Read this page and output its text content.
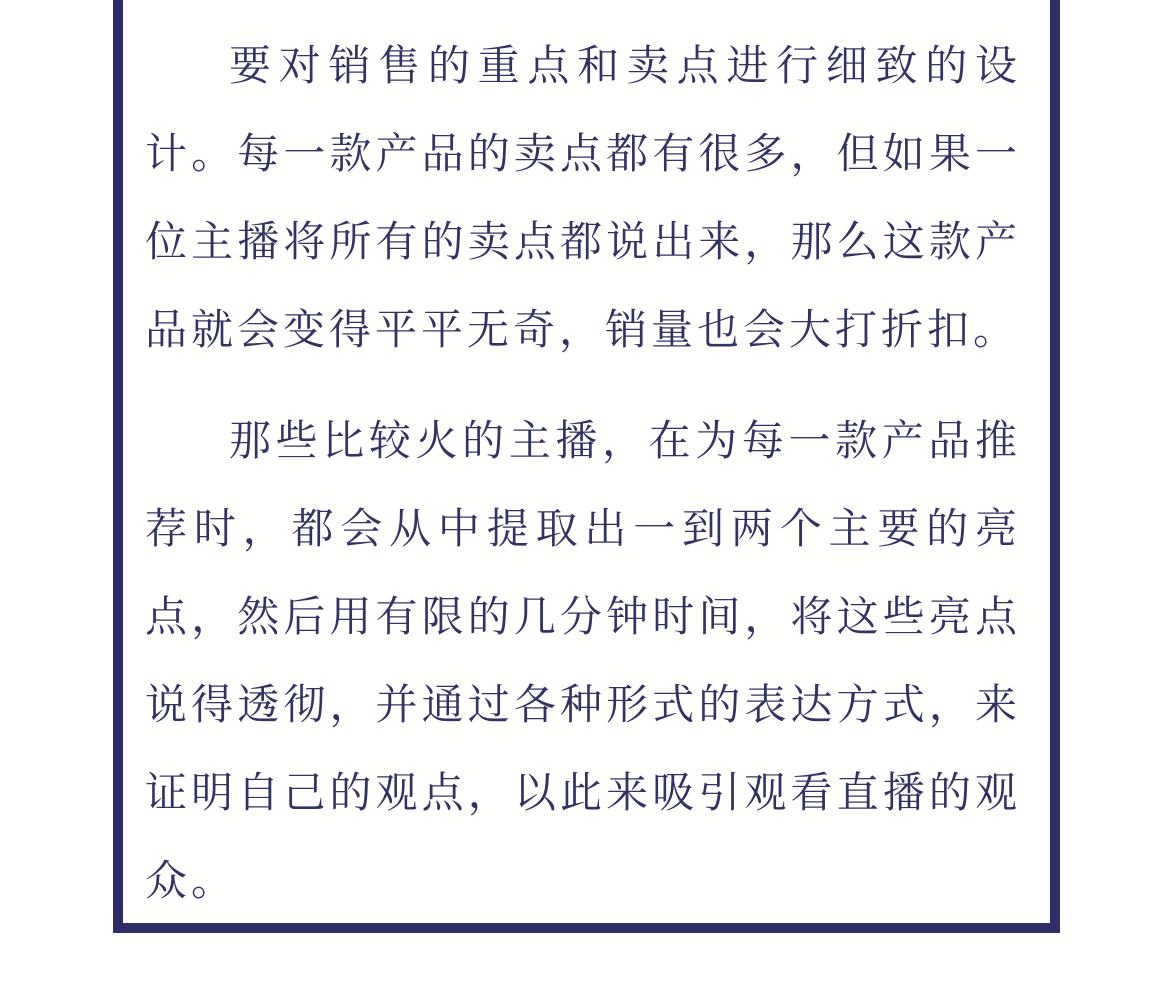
要对销售的重点和卖点进行细致的设计。每一款产品的卖点都有很多，但如果一位主播将所有的卖点都说出来，那么这款产品就会变得平平无奇，销量也会大打折扣。

那些比较火的主播，在为每一款产品推荐时，都会从中提取出一到两个主要的亮点，然后用有限的几分钟时间，将这些亮点说得透彻，并通过各种形式的表达方式，来证明自己的观点，以此来吸引观看直播的观众。
